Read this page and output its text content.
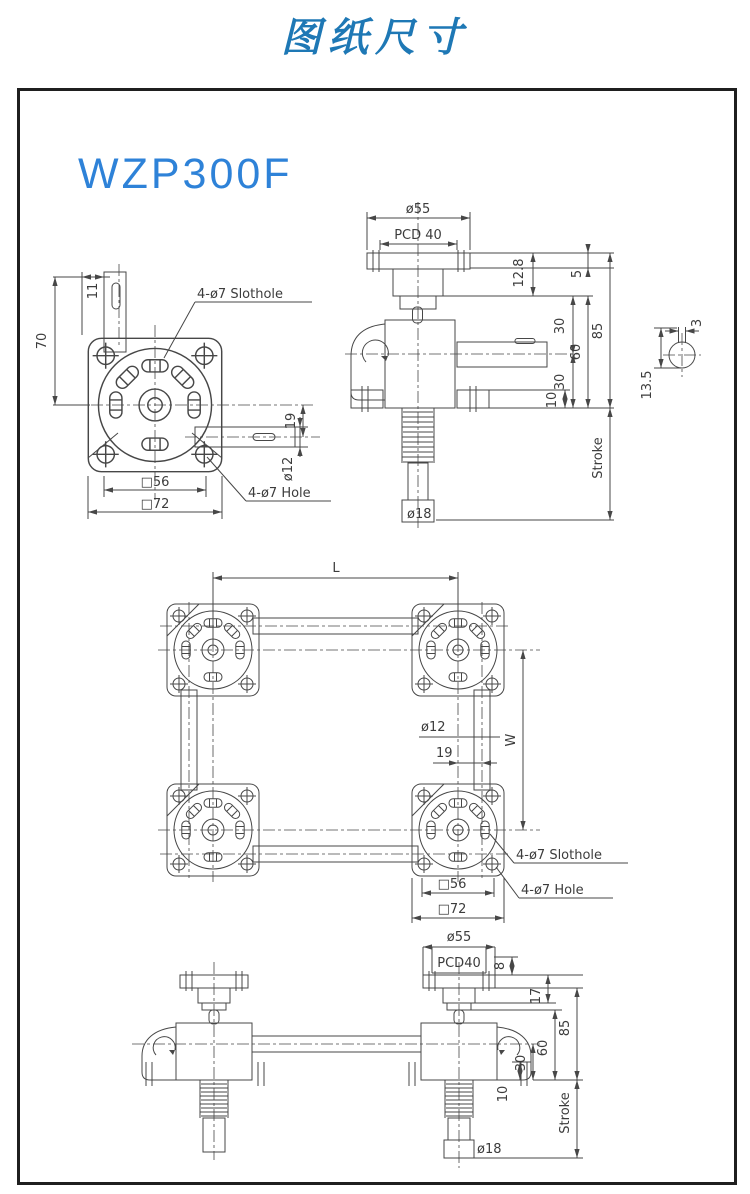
图纸尺寸
WZP300F
11
70
19
ø12
□56
□72
4-ø7 Slothole
4-ø7 Hole
ø18
ø55
PCD 40
12.8	5
30
30
60
85
10
Stroke
3
13.5
L
W
ø12
19
□56
□72
4-ø7 Slothole
4-ø7 Hole
ø18
ø55
PCD40 8
17
85
60
30
10	Stroke
